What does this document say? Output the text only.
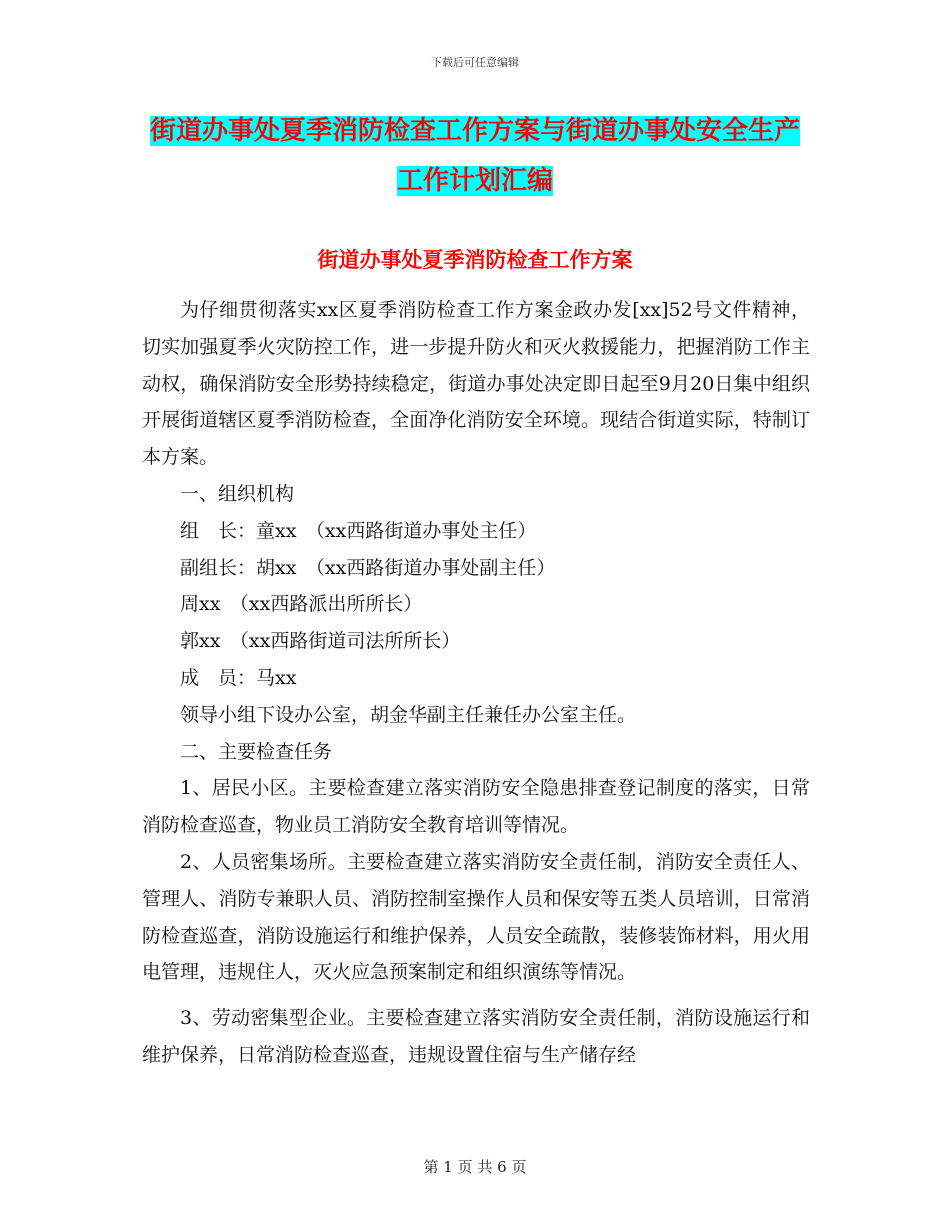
下载后可任意编辑
街道办事处夏季消防检查工作方案与街道办事处安全生产工作计划汇编
街道办事处夏季消防检查工作方案

为仔细贯彻落实xx区夏季消防检查工作方案金政办发[xx]52号文件精神，切实加强夏季火灾防控工作，进一步提升防火和灭火救援能力，把握消防工作主动权，确保消防安全形势持续稳定，街道办事处决定即日起至9月20日集中组织开展街道辖区夏季消防检查，全面净化消防安全环境。现结合街道实际，特制订本方案。

一、组织机构

组　长：童xx　（xx西路街道办事处主任）

副组长：胡xx　（xx西路街道办事处副主任）

周xx　（xx西路派出所所长）

郭xx　（xx西路街道司法所所长）

成　员：马xx

领导小组下设办公室，胡金华副主任兼任办公室主任。

二、主要检查任务

1、居民小区。主要检查建立落实消防安全隐患排查登记制度的落实，日常消防检查巡查，物业员工消防安全教育培训等情况。

2、人员密集场所。主要检查建立落实消防安全责任制，消防安全责任人、管理人、消防专兼职人员、消防控制室操作人员和保安等五类人员培训，日常消防检查巡查，消防设施运行和维护保养，人员安全疏散，装修装饰材料，用火用电管理，违规住人，灭火应急预案制定和组织演练等情况。

3、劳动密集型企业。主要检查建立落实消防安全责任制，消防设施运行和维护保养，日常消防检查巡查，违规设置住宿与生产储存经

第 1 页 共 6 页
